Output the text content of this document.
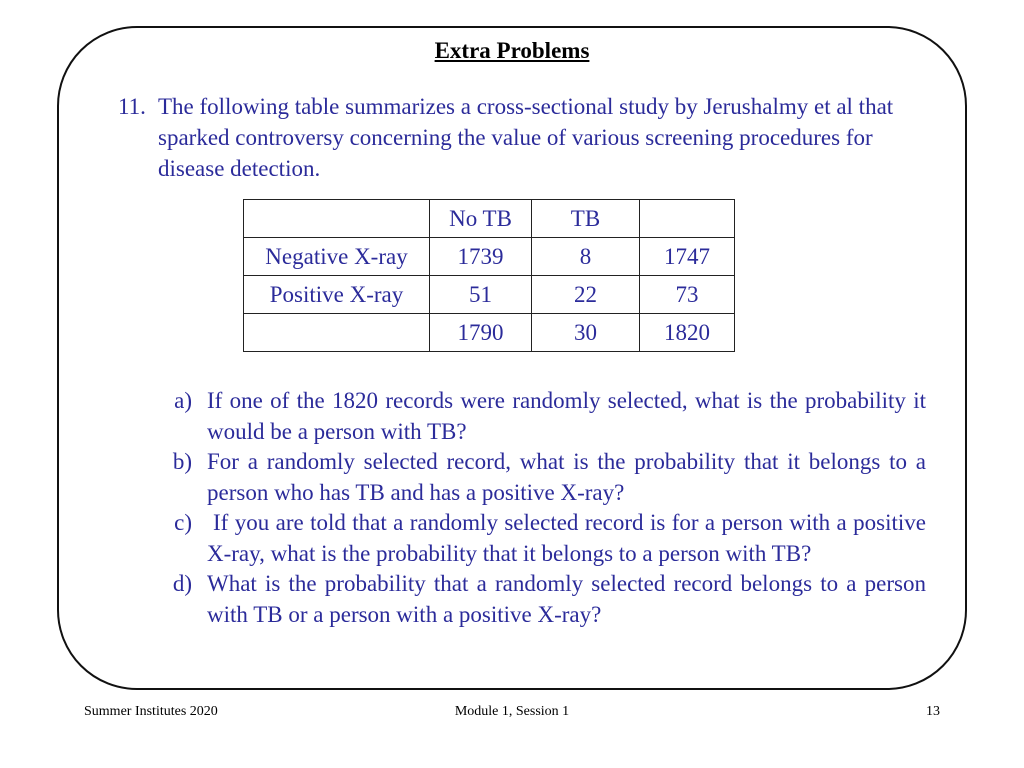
Extra Problems
11. The following table summarizes a cross-sectional study by Jerushalmy et al that sparked controversy concerning the value of various screening procedures for disease detection.
	No TB	TB	
Negative X-ray	1739	8	1747
Positive X-ray	51	22	73
	1790	30	1820
a) If one of the 1820 records were randomly selected, what is the probability it would be a person with TB?
b) For a randomly selected record, what is the probability that it belongs to a person who has TB and has a positive X-ray?
c) If you are told that a randomly selected record is for a person with a positive X-ray, what is the probability that it belongs to a person with TB?
d) What is the probability that a randomly selected record belongs to a person with TB or a person with a positive X-ray?
Summer Institutes 2020	Module 1, Session 1	13
